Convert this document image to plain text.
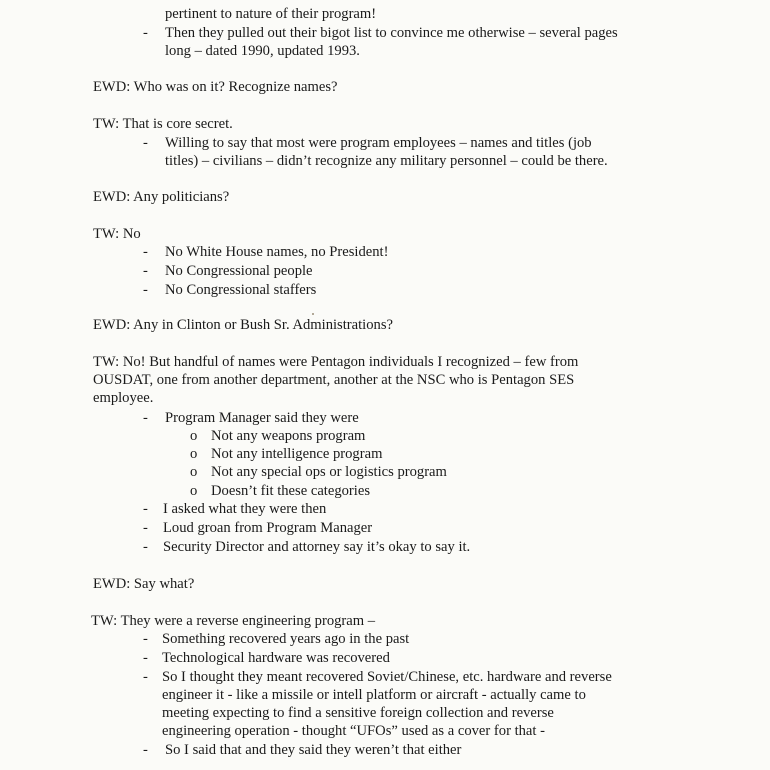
pertinent to nature of their program!
- Then they pulled out their bigot list to convince me otherwise – several pages
long – dated 1990, updated 1993.
EWD: Who was on it? Recognize names?
TW: That is core secret.
- Willing to say that most were program employees – names and titles (job
titles) – civilians – didn’t recognize any military personnel – could be there.
EWD: Any politicians?
TW: No
- No White House names, no President!
- No Congressional people
- No Congressional staffers
EWD: Any in Clinton or Bush Sr. Administrations?
TW: No! But handful of names were Pentagon individuals I recognized – few from
OUSDAT, one from another department, another at the NSC who is Pentagon SES
employee.
- Program Manager said they were
o Not any weapons program
o Not any intelligence program
o Not any special ops or logistics program
o Doesn’t fit these categories
- I asked what they were then
- Loud groan from Program Manager
- Security Director and attorney say it’s okay to say it.
EWD: Say what?
TW: They were a reverse engineering program –
- Something recovered years ago in the past
- Technological hardware was recovered
- So I thought they meant recovered Soviet/Chinese, etc. hardware and reverse
engineer it - like a missile or intell platform or aircraft - actually came to
meeting expecting to find a sensitive foreign collection and reverse
engineering operation - thought “UFOs” used as a cover for that -
- So I said that and they said they weren’t that either
